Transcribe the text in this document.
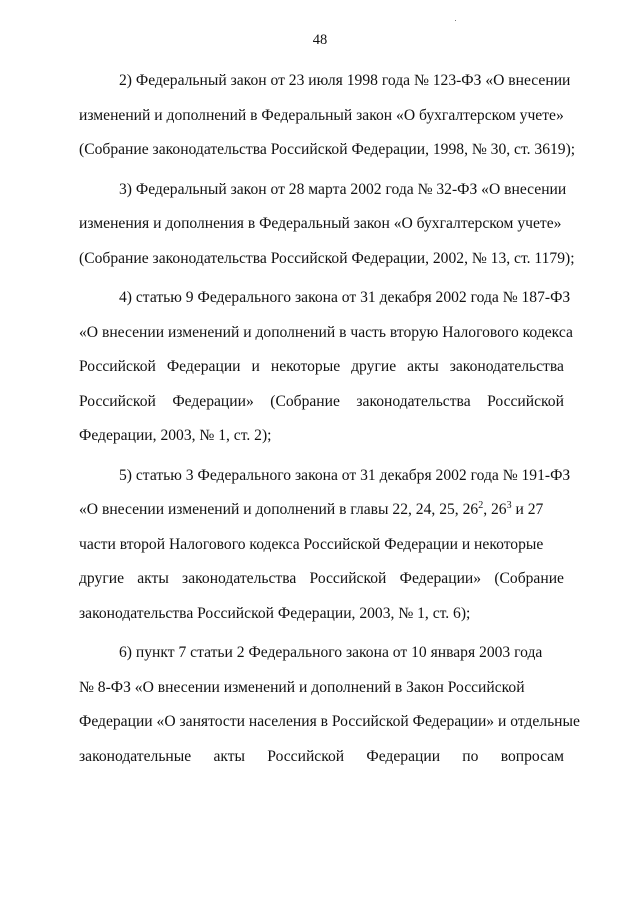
48

2) Федеральный закон от 23 июля 1998 года № 123-ФЗ «О внесении
изменений и дополнений в Федеральный закон «О бухгалтерском учете»
(Собрание законодательства Российской Федерации, 1998, № 30, ст. 3619);

3) Федеральный закон от 28 марта 2002 года № 32-ФЗ «О внесении
изменения и дополнения в Федеральный закон «О бухгалтерском учете»
(Собрание законодательства Российской Федерации, 2002, № 13, ст. 1179);

4) статью 9 Федерального закона от 31 декабря 2002 года № 187-ФЗ
«О внесении изменений и дополнений в часть вторую Налогового кодекса
Российской Федерации и некоторые другие акты законодательства
Российской Федерации» (Собрание законодательства Российской
Федерации, 2003, № 1, ст. 2);

5) статью 3 Федерального закона от 31 декабря 2002 года № 191-ФЗ
«О внесении изменений и дополнений в главы 22, 24, 25, $26^2$, $26^3$ и 27
части второй Налогового кодекса Российской Федерации и некоторые
другие акты законодательства Российской Федерации» (Собрание
законодательства Российской Федерации, 2003, № 1, ст. 6);

6) пункт 7 статьи 2 Федерального закона от 10 января 2003 года
№ 8-ФЗ «О внесении изменений и дополнений в Закон Российской
Федерации «О занятости населения в Российской Федерации» и отдельные
законодательные акты Российской Федерации по вопросам
